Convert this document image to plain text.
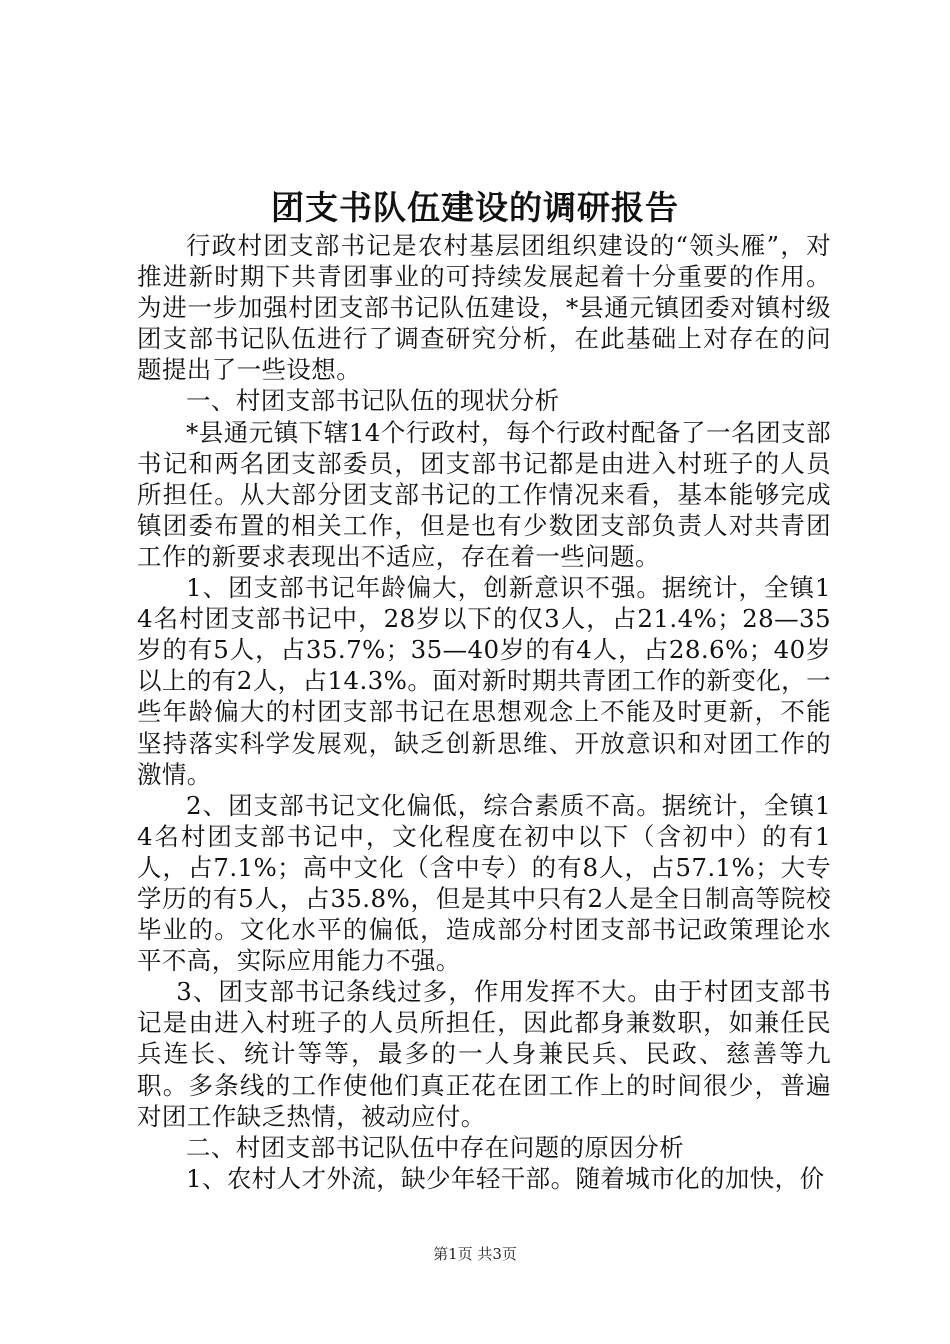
团支书队伍建设的调研报告

行政村团支部书记是农村基层团组织建设的“领头雁”，对推进新时期下共青团事业的可持续发展起着十分重要的作用。为进一步加强村团支部书记队伍建设，*县通元镇团委对镇村级团支部书记队伍进行了调查研究分析，在此基础上对存在的问题提出了一些设想。

一、村团支部书记队伍的现状分析

*县通元镇下辖14个行政村，每个行政村配备了一名团支部书记和两名团支部委员，团支部书记都是由进入村班子的人员所担任。从大部分团支部书记的工作情况来看，基本能够完成镇团委布置的相关工作，但是也有少数团支部负责人对共青团工作的新要求表现出不适应，存在着一些问题。

1、团支部书记年龄偏大，创新意识不强。据统计，全镇14名村团支部书记中，28岁以下的仅3人，占21.4%；28—35岁的有5人，占35.7%；35—40岁的有4人，占28.6%；40岁以上的有2人，占14.3%。面对新时期共青团工作的新变化，一些年龄偏大的村团支部书记在思想观念上不能及时更新，不能坚持落实科学发展观，缺乏创新思维、开放意识和对团工作的激情。

2、团支部书记文化偏低，综合素质不高。据统计，全镇14名村团支部书记中，文化程度在初中以下（含初中）的有1人，占7.1%；高中文化（含中专）的有8人，占57.1%；大专学历的有5人，占35.8%，但是其中只有2人是全日制高等院校毕业的。文化水平的偏低，造成部分村团支部书记政策理论水平不高，实际应用能力不强。

3、团支部书记条线过多，作用发挥不大。由于村团支部书记是由进入村班子的人员所担任，因此都身兼数职，如兼任民兵连长、统计等等，最多的一人身兼民兵、民政、慈善等九职。多条线的工作使他们真正花在团工作上的时间很少，普遍对团工作缺乏热情，被动应付。

二、村团支部书记队伍中存在问题的原因分析

1、农村人才外流，缺少年轻干部。随着城市化的加快，价

第1页 共3页
